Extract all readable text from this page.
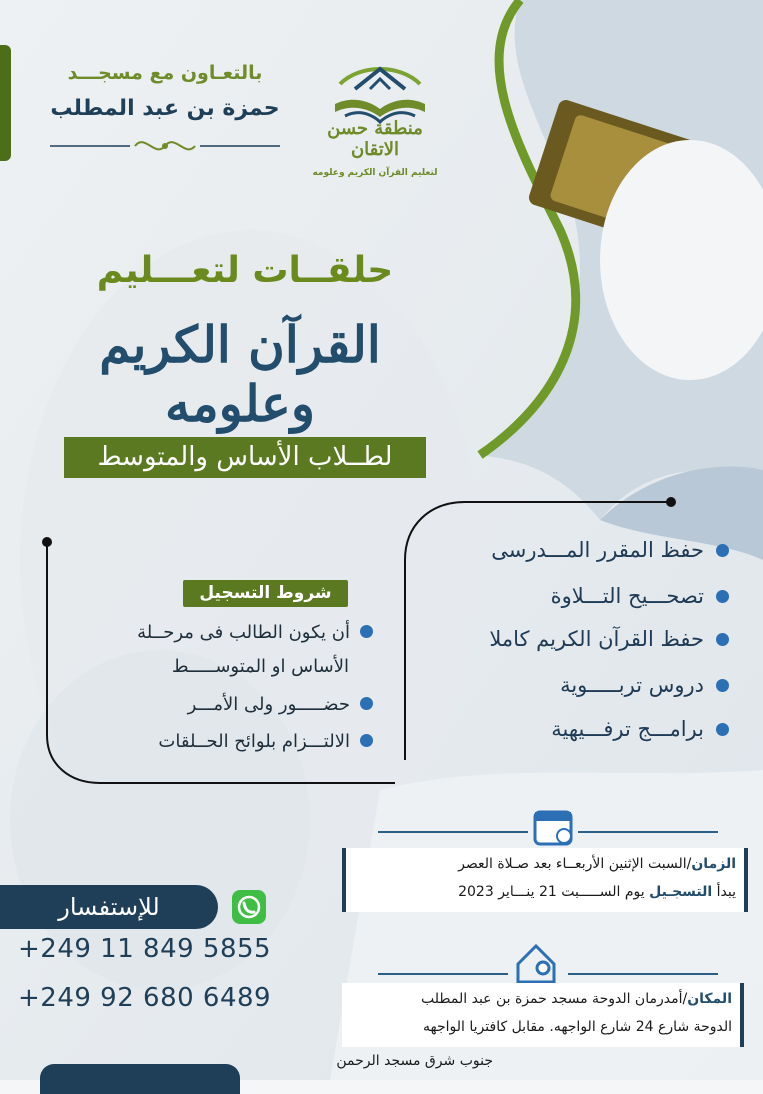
بالتعـاون مع مسجـــد
حمزة بن عبد المطلب
منطقة حسن الاتقان
لتعليم القرآن الكريم وعلومه
حلقــات لتعـــليم
القرآن الكريم وعلومه
لطــلاب الأساس والمتوسط
شروط التسجيل
أن يكون الطالب فى مرحــلة
الأساس او المتوســـــط
حضـــــور ولى الأمـــر
الالتـــزام بلوائح الحــلقات
حفظ المقرر المـــدرسى
تصحـــيح التـــلاوة
حفظ القرآن الكريم كاملا
دروس تربـــــوية
برامـــج ترفـــيهية
الزمان/السبت الإثنين الأربعــاء بعد صـلاة العصر
يبدأ التسجـيل يوم الســـــبت 21 ينـــاير 2023
المكان/أمدرمان الدوحة مسجد حمزة بن عبد المطلب
الدوحة شارع 24 شارع الواجهه. مقابل كافتريا الواجهه
جنوب شرق مسجد الرحمن
للإستفسار
+249 11 849 5855
+249 92 680 6489
